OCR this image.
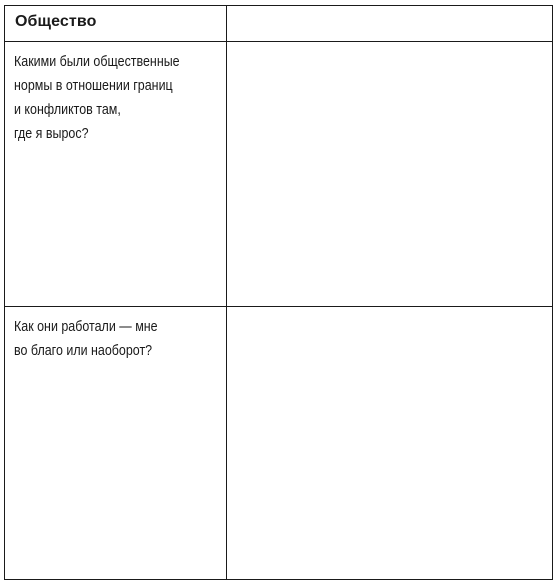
Общество
Какими были общественные
нормы в отношении границ
и конфликтов там,
где я вырос?
Как они работали — мне
во благо или наоборот?
